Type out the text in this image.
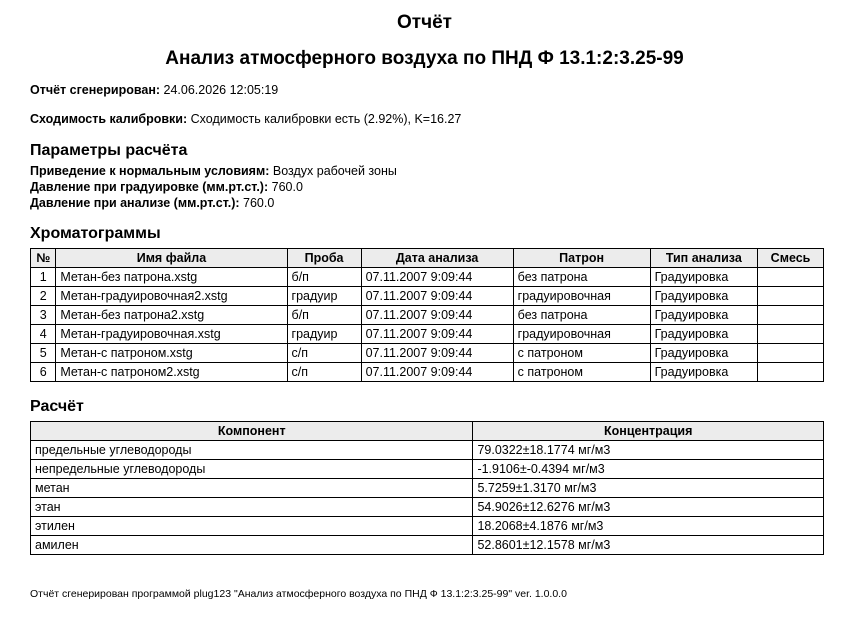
Отчёт
Анализ атмосферного воздуха по ПНД Ф 13.1:2:3.25-99
Отчёт сгенерирован: 24.06.2026 12:05:19
Сходимость калибровки: Сходимость калибровки есть (2.92%), K=16.27
Параметры расчёта
Приведение к нормальным условиям: Воздух рабочей зоны
Давление при градуировке (мм.рт.ст.): 760.0
Давление при анализе (мм.рт.ст.): 760.0
Хроматограммы
№	Имя файла	Проба	Дата анализа	Патрон	Тип анализа	Смесь
1	Метан-без патрона.xstg	б/п	07.11.2007 9:09:44	без патрона	Градуировка	
2	Метан-градуировочная2.xstg	градуир	07.11.2007 9:09:44	градуировочная	Градуировка	
3	Метан-без патрона2.xstg	б/п	07.11.2007 9:09:44	без патрона	Градуировка	
4	Метан-градуировочная.xstg	градуир	07.11.2007 9:09:44	градуировочная	Градуировка	
5	Метан-с патроном.xstg	с/п	07.11.2007 9:09:44	с патроном	Градуировка	
6	Метан-с патроном2.xstg	с/п	07.11.2007 9:09:44	с патроном	Градуировка	
Расчёт
Компонент	Концентрация
предельные углеводороды	79.0322±18.1774 мг/м3
непредельные углеводороды	-1.9106±-0.4394 мг/м3
метан	5.7259±1.3170 мг/м3
этан	54.9026±12.6276 мг/м3
этилен	18.2068±4.1876 мг/м3
амилен	52.8601±12.1578 мг/м3
Отчёт сгенерирован программой plug123 "Анализ атмосферного воздуха по ПНД Ф 13.1:2:3.25-99" ver. 1.0.0.0
